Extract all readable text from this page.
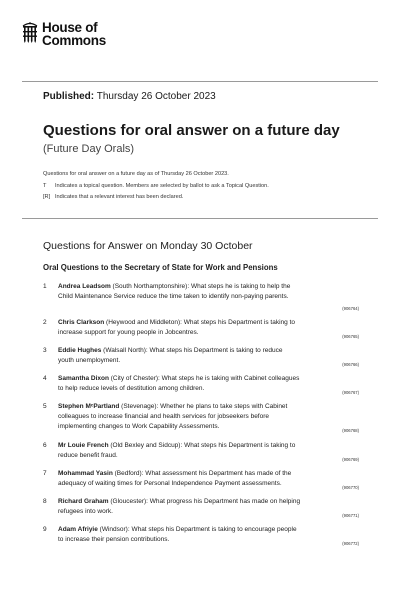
House of
Commons
Published: Thursday 26 October 2023
Questions for oral answer on a future day
(Future Day Orals)
Questions for oral answer on a future day as of Thursday 26 October 2023.
T Indicates a topical question. Members are selected by ballot to ask a Topical Question.
[R] Indicates that a relevant interest has been declared.
Questions for Answer on Monday 30 October
Oral Questions to the Secretary of State for Work and Pensions
1 Andrea Leadsom (South Northamptonshire): What steps he is taking to help the
Child Maintenance Service reduce the time taken to identify non-paying parents.
(906764)
2 Chris Clarkson (Heywood and Middleton): What steps his Department is taking to
increase support for young people in Jobcentres.
(906765)
3 Eddie Hughes (Walsall North): What steps his Department is taking to reduce
youth unemployment.
(906766)
4 Samantha Dixon (City of Chester): What steps he is taking with Cabinet colleagues
to help reduce levels of destitution among children.
(906767)
5 Stephen MᶜPartland (Stevenage): Whether he plans to take steps with Cabinet
colleagues to increase financial and health services for jobseekers before
implementing changes to Work Capability Assessments.
(906768)
6 Mr Louie French (Old Bexley and Sidcup): What steps his Department is taking to
reduce benefit fraud.
(906769)
7 Mohammad Yasin (Bedford): What assessment his Department has made of the
adequacy of waiting times for Personal Independence Payment assessments.
(906770)
8 Richard Graham (Gloucester): What progress his Department has made on helping
refugees into work.
(906771)
9 Adam Afriyie (Windsor): What steps his Department is taking to encourage people
to increase their pension contributions.
(906772)
